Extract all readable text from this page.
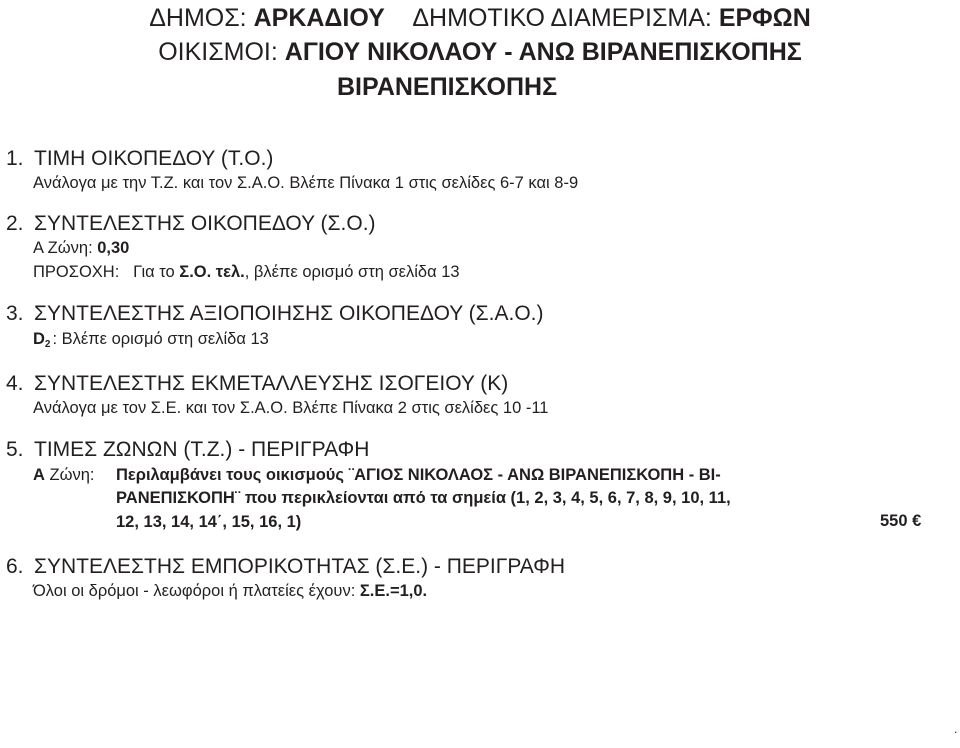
ΔΗΜΟΣ: ΑΡΚΑΔΙΟΥ ΔΗΜΟΤΙΚΟ ΔΙΑΜΕΡΙΣΜΑ: ΕΡΦΩΝ
ΟΙΚΙΣΜΟΙ: ΑΓΙΟΥ ΝΙΚΟΛΑΟΥ - ΑΝΩ ΒΙΡΑΝΕΠΙΣΚΟΠΗΣ
ΒΙΡΑΝΕΠΙΣΚΟΠΗΣ
1. ΤΙΜΗ ΟΙΚΟΠΕΔΟΥ (Τ.Ο.)
Ανάλογα με την Τ.Ζ. και τον Σ.Α.Ο. Βλέπε Πίνακα 1 στις σελίδες 6-7 και 8-9
2. ΣΥΝΤΕΛΕΣΤΗΣ ΟΙΚΟΠΕΔΟΥ (Σ.Ο.)
Α Ζώνη: 0,30
ΠΡΟΣΟΧΗ: Για το Σ.Ο. τελ., βλέπε ορισμό στη σελίδα 13
3. ΣΥΝΤΕΛΕΣΤΗΣ ΑΞΙΟΠΟΙΗΣΗΣ ΟΙΚΟΠΕΔΟΥ (Σ.Α.Ο.)
$D_2$ : Βλέπε ορισμό στη σελίδα 13
4. ΣΥΝΤΕΛΕΣΤΗΣ ΕΚΜΕΤΑΛΛΕΥΣΗΣ ΙΣΟΓΕΙΟΥ (Κ)
Ανάλογα με τον Σ.Ε. και τον Σ.Α.Ο. Βλέπε Πίνακα 2 στις σελίδες 10 -11
5. ΤΙΜΕΣ ΖΩΝΩΝ (Τ.Ζ.) - ΠΕΡΙΓΡΑΦΗ
Α Ζώνη: Περιλαμβάνει τους οικισμούς ¨ΑΓΙΟΣ ΝΙΚΟΛΑΟΣ - ΑΝΩ ΒΙΡΑΝΕΠΙΣΚΟΠΗ - ΒΙ-
ΡΑΝΕΠΙΣΚΟΠΗ¨ που περικλείονται από τα σημεία (1, 2, 3, 4, 5, 6, 7, 8, 9, 10, 11,
12, 13, 14, 14΄, 15, 16, 1)	550 €
6. ΣΥΝΤΕΛΕΣΤΗΣ ΕΜΠΟΡΙΚΟΤΗΤΑΣ (Σ.Ε.) - ΠΕΡΙΓΡΑΦΗ
Όλοι οι δρόμοι - λεωφόροι ή πλατείες έχουν: Σ.Ε.=1,0.
.
